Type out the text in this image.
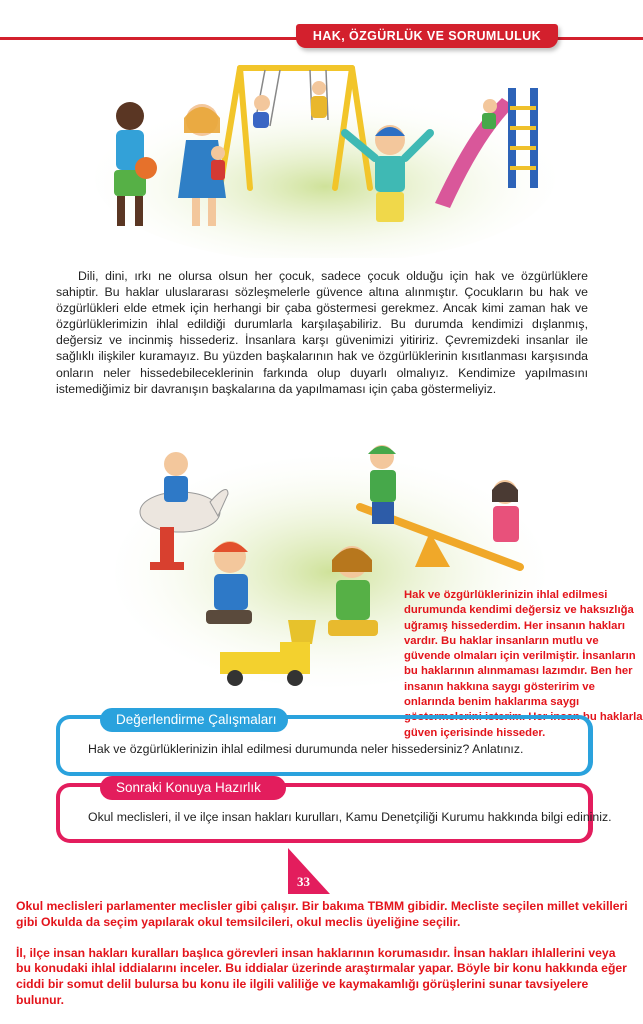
HAK, ÖZGÜRLÜK VE SORUMLULUK
Dili, dini, ırkı ne olursa olsun her çocuk, sadece çocuk olduğu için hak ve özgürlüklere sahiptir. Bu haklar uluslararası sözleşmelerle güvence altına alınmıştır. Çocukların bu hak ve özgürlükleri elde etmek için herhangi bir çaba göstermesi gerekmez. Ancak kimi zaman hak ve özgürlüklerimizin ihlal edildiği durumlarla karşılaşabiliriz. Bu durumda kendimizi dışlanmış, değersiz ve incinmiş hissederiz. İnsanlara karşı güvenimizi yitiririz. Çevremizdeki insanlar ile sağlıklı ilişkiler kuramayız. Bu yüzden başkalarının hak ve özgürlüklerinin kısıtlanması karşısında onların neler hissedebileceklerinin farkında olup duyarlı olmalıyız. Kendimize yapılmasını istemediğimiz bir davranışın başkalarına da yapılmaması için çaba göstermeliyiz.
Hak ve özgürlüklerinizin ihlal edilmesi durumunda kendimi değersiz ve haksızlığa uğramış hissederdim. Her insanın hakları vardır. Bu haklar insanların mutlu ve güvende olmaları için verilmiştir. İnsanların bu haklarının alınmaması lazımdır. Ben her insanın hakkına saygı gösteririm ve onlarında benim haklarıma saygı göstermelerini isterim. Her insan bu haklarla güven içerisinde hisseder.
Değerlendirme Çalışmaları
Hak ve özgürlüklerinizin ihlal edilmesi durumunda neler hissedersiniz? Anlatınız.
Sonraki Konuya Hazırlık
Okul meclisleri, il ve ilçe insan hakları kurulları, Kamu Denetçiliği Kurumu hakkında bilgi edininiz.
33

Okul meclisleri parlamenter meclisler gibi çalışır. Bir bakıma TBMM gibidir. Mecliste seçilen millet vekilleri gibi Okulda da seçim yapılarak okul temsilcileri, okul meclis üyeliğine seçilir.

İl, ilçe insan hakları kuralları başlıca görevleri insan haklarının korumasıdır. İnsan hakları ihlallerini veya bu konudaki ihlal iddialarını inceler. Bu iddialar üzerinde araştırmalar yapar. Böyle bir konu hakkında eğer ciddi bir somut delil bulursa bu konu ile ilgili valiliğe ve kaymakamlığı görüşlerini sunar tavsiyelere bulunur.
